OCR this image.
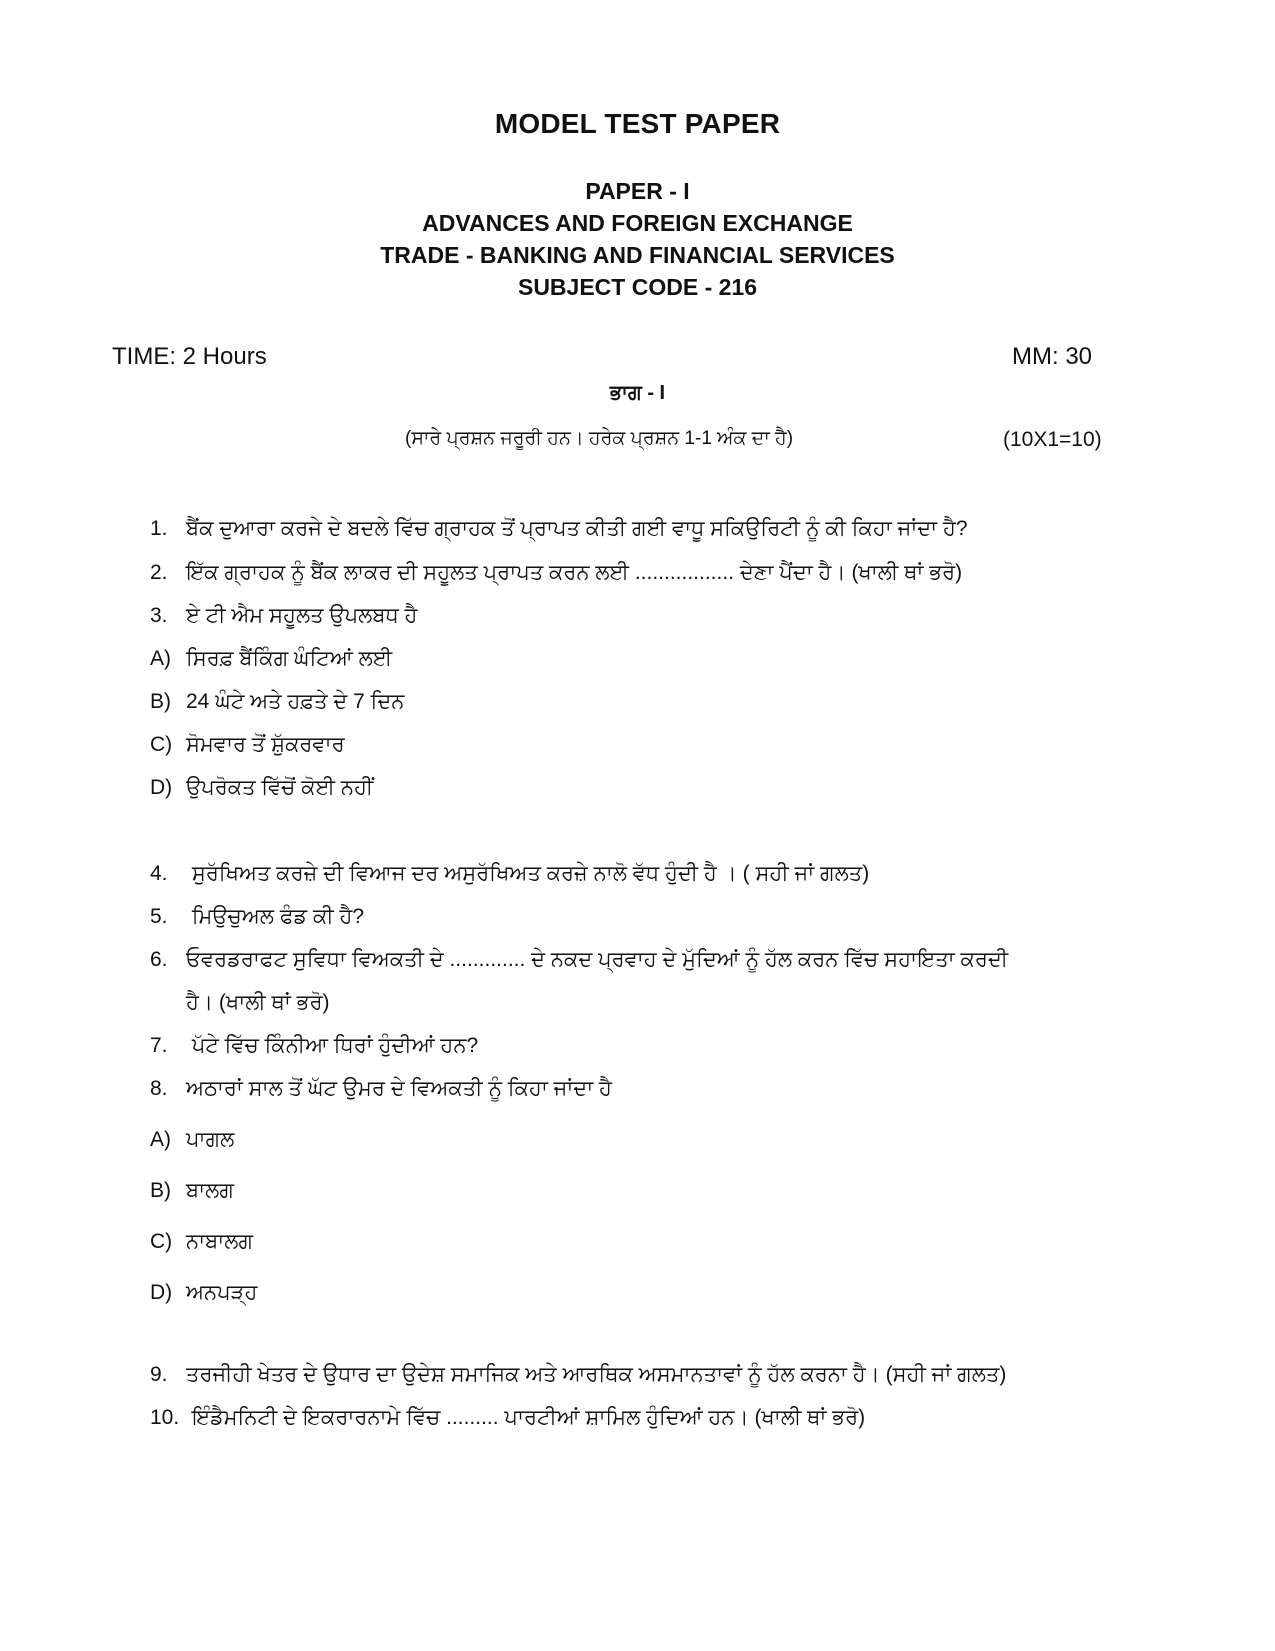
MODEL TEST PAPER
PAPER - I
ADVANCES AND FOREIGN EXCHANGE
TRADE - BANKING AND FINANCIAL SERVICES
SUBJECT CODE - 216
TIME: 2 Hours	MM: 30
ਭਾਗ - I
(ਸਾਰੇ ਪ੍ਰਸ਼ਨ ਜਰੂਰੀ ਹਨ। ਹਰੇਕ ਪ੍ਰਸ਼ਨ 1-1 ਅੰਕ ਦਾ ਹੈ)	(10X1=10)
1. ਬੈਂਕ ਦੁਆਰਾ ਕਰਜੇ ਦੇ ਬਦਲੇ ਵਿੱਚ ਗ੍ਰਾਹਕ ਤੋਂ ਪ੍ਰਾਪਤ ਕੀਤੀ ਗਈ ਵਾਧੂ ਸਕਿਉਰਿਟੀ ਨੂੰ ਕੀ ਕਿਹਾ ਜਾਂਦਾ ਹੈ?
2. ਇੱਕ ਗ੍ਰਾਹਕ ਨੂੰ ਬੈਂਕ ਲਾਕਰ ਦੀ ਸਹੂਲਤ ਪ੍ਰਾਪਤ ਕਰਨ ਲਈ ................. ਦੇਣਾ ਪੈਂਦਾ ਹੈ। (ਖਾਲੀ ਥਾਂ ਭਰੋ)
3. ਏ ਟੀ ਐਮ ਸਹੂਲਤ ਉਪਲਬਧ ਹੈ
A) ਸਿਰਫ਼ ਬੈਂਕਿੰਗ ਘੰਟਿਆਂ ਲਈ
B) 24 ਘੰਟੇ ਅਤੇ ਹਫ਼ਤੇ ਦੇ 7 ਦਿਨ
C) ਸੋਮਵਾਰ ਤੋਂ ਸ਼ੁੱਕਰਵਾਰ
D) ਉਪਰੋਕਤ ਵਿੱਚੋਂ ਕੋਈ ਨਹੀਂ
4. ਸੁਰੱਖਿਅਤ ਕਰਜ਼ੇ ਦੀ ਵਿਆਜ ਦਰ ਅਸੁਰੱਖਿਅਤ ਕਰਜ਼ੇ ਨਾਲੋ ਵੱਧ ਹੁੰਦੀ ਹੈ । ( ਸਹੀ ਜਾਂ ਗਲਤ)
5. ਮਿਉਚੁਅਲ ਫੰਡ ਕੀ ਹੈ?
6. ਓਵਰਡਰਾਫਟ ਸੁਵਿਧਾ ਵਿਅਕਤੀ ਦੇ ............. ਦੇ ਨਕਦ ਪ੍ਰਵਾਹ ਦੇ ਮੁੱਦਿਆਂ ਨੂੰ ਹੱਲ ਕਰਨ ਵਿੱਚ ਸਹਾਇਤਾ ਕਰਦੀ
ਹੈ। (ਖਾਲੀ ਥਾਂ ਭਰੋ)
7. ਪੱਟੇ ਵਿੱਚ ਕਿੰਨੀਆ ਧਿਰਾਂ ਹੁੰਦੀਆਂ ਹਨ?
8. ਅਠਾਰਾਂ ਸਾਲ ਤੋਂ ਘੱਟ ਉਮਰ ਦੇ ਵਿਅਕਤੀ ਨੂੰ ਕਿਹਾ ਜਾਂਦਾ ਹੈ
A) ਪਾਗਲ
B) ਬਾਲਗ
C) ਨਾਬਾਲਗ
D) ਅਨਪੜ੍ਹ
9. ਤਰਜੀਹੀ ਖੇਤਰ ਦੇ ਉਧਾਰ ਦਾ ਉਦੇਸ਼ ਸਮਾਜਿਕ ਅਤੇ ਆਰਥਿਕ ਅਸਮਾਨਤਾਵਾਂ ਨੂੰ ਹੱਲ ਕਰਨਾ ਹੈ। (ਸਹੀ ਜਾਂ ਗਲਤ)
10. ਇੰਡੈਮਨਿਟੀ ਦੇ ਇਕਰਾਰਨਾਮੇ ਵਿੱਚ ......... ਪਾਰਟੀਆਂ ਸ਼ਾਮਿਲ ਹੁੰਦਿਆਂ ਹਨ। (ਖਾਲੀ ਥਾਂ ਭਰੋ)
